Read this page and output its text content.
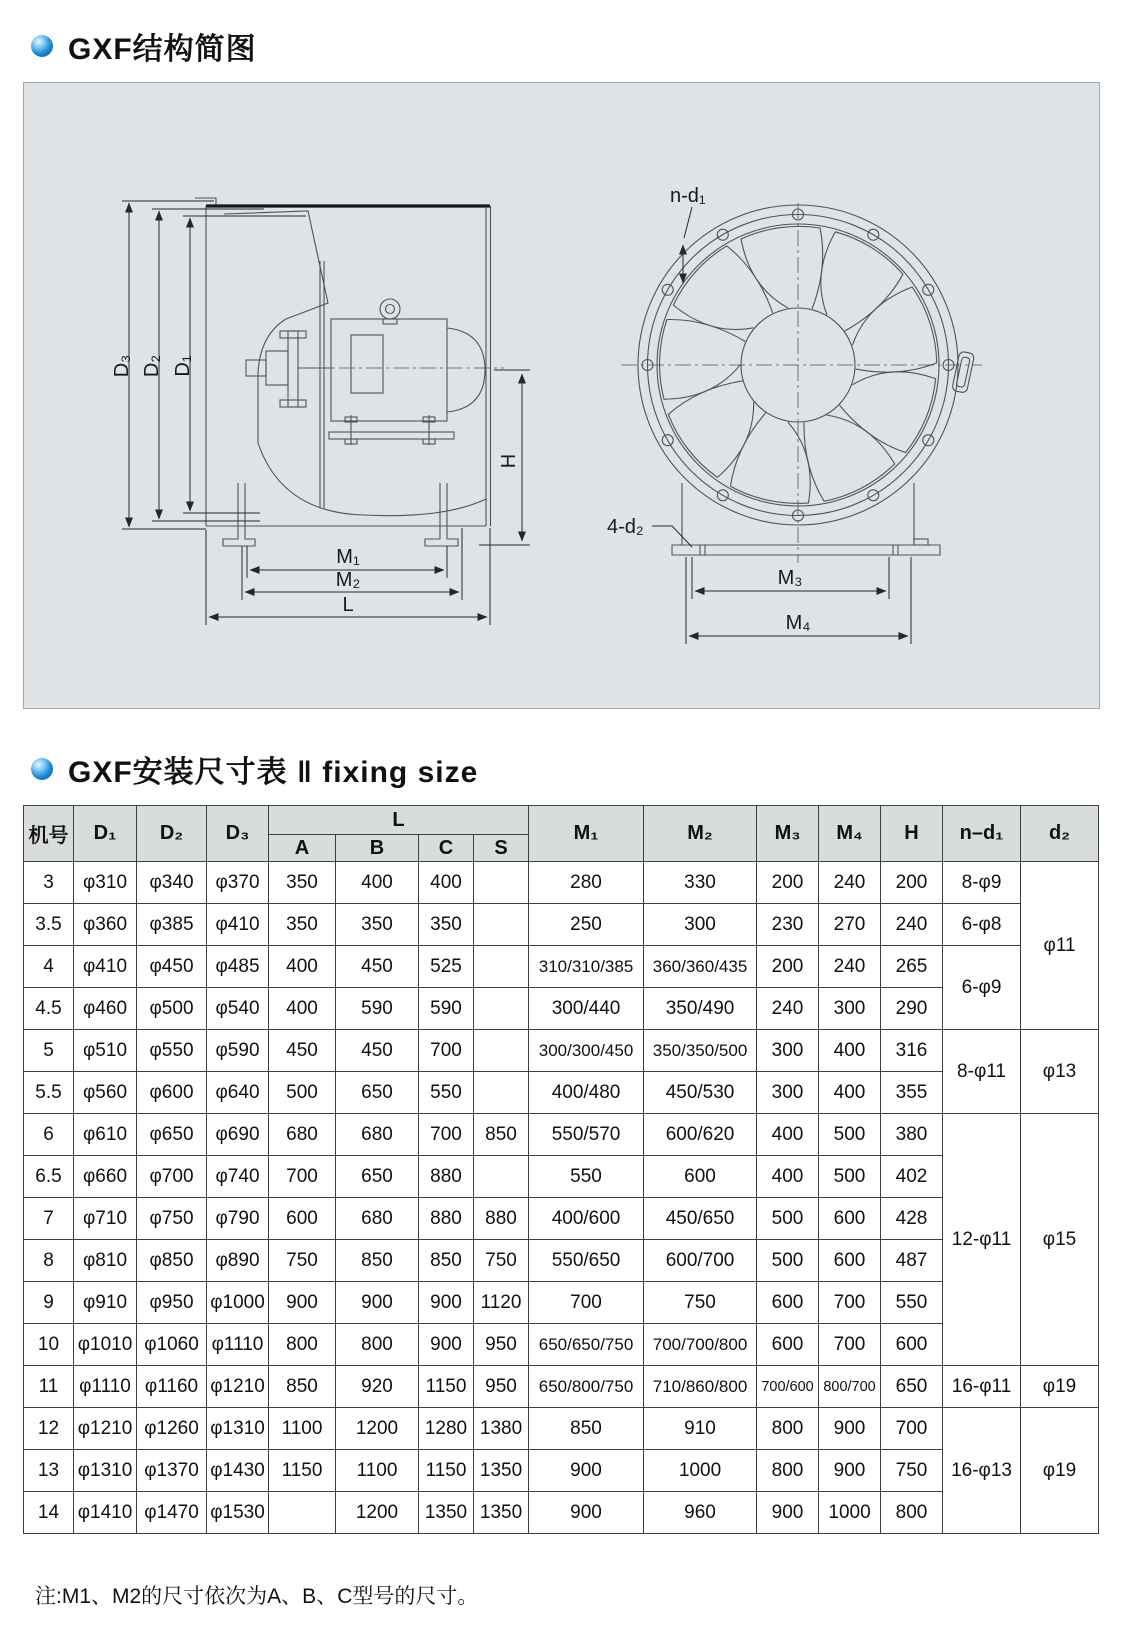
GXF结构简图
D₃ D₂ D₁
H
M₁
M₂
L
n-d₁
4-d₂
M₃
M₄
GXF安装尺寸表 ‖ fixing size
机号	D₁	D₂	D₃	L				M₁	M₂	M₃	M₄	H	n–d₁	d₂
				A	B	C	S							
3	φ310	φ340	φ370	350	400	400		280	330	200	240	200	8-φ9	φ11
3.5	φ360	φ385	φ410	350	350	350		250	300	230	270	240	6-φ8	
4	φ410	φ450	φ485	400	450	525		310/310/385	360/360/435	200	240	265	6-φ9	
4.5	φ460	φ500	φ540	400	590	590		300/440	350/490	240	300	290		
5	φ510	φ550	φ590	450	450	700		300/300/450	350/350/500	300	400	316	8-φ11	φ13
5.5	φ560	φ600	φ640	500	650	550		400/480	450/530	300	400	355		
6	φ610	φ650	φ690	680	680	700	850	550/570	600/620	400	500	380	12-φ11	φ15
6.5	φ660	φ700	φ740	700	650	880		550	600	400	500	402		
7	φ710	φ750	φ790	600	680	880	880	400/600	450/650	500	600	428		
8	φ810	φ850	φ890	750	850	850	750	550/650	600/700	500	600	487		
9	φ910	φ950	φ1000	900	900	900	1120	700	750	600	700	550		
10	φ1010	φ1060	φ1110	800	800	900	950	650/650/750	700/700/800	600	700	600		
11	φ1110	φ1160	φ1210	850	920	1150	950	650/800/750	710/860/800	700/600	800/700	650	16-φ11	φ19
12	φ1210	φ1260	φ1310	1100	1200	1280	1380	850	910	800	900	700	16-φ13	φ19
13	φ1310	φ1370	φ1430	1150	1100	1150	1350	900	1000	800	900	750		
14	φ1410	φ1470	φ1530		1200	1350	1350	900	960	900	1000	800		
注:M1、M2的尺寸依次为A、B、C型号的尺寸。
